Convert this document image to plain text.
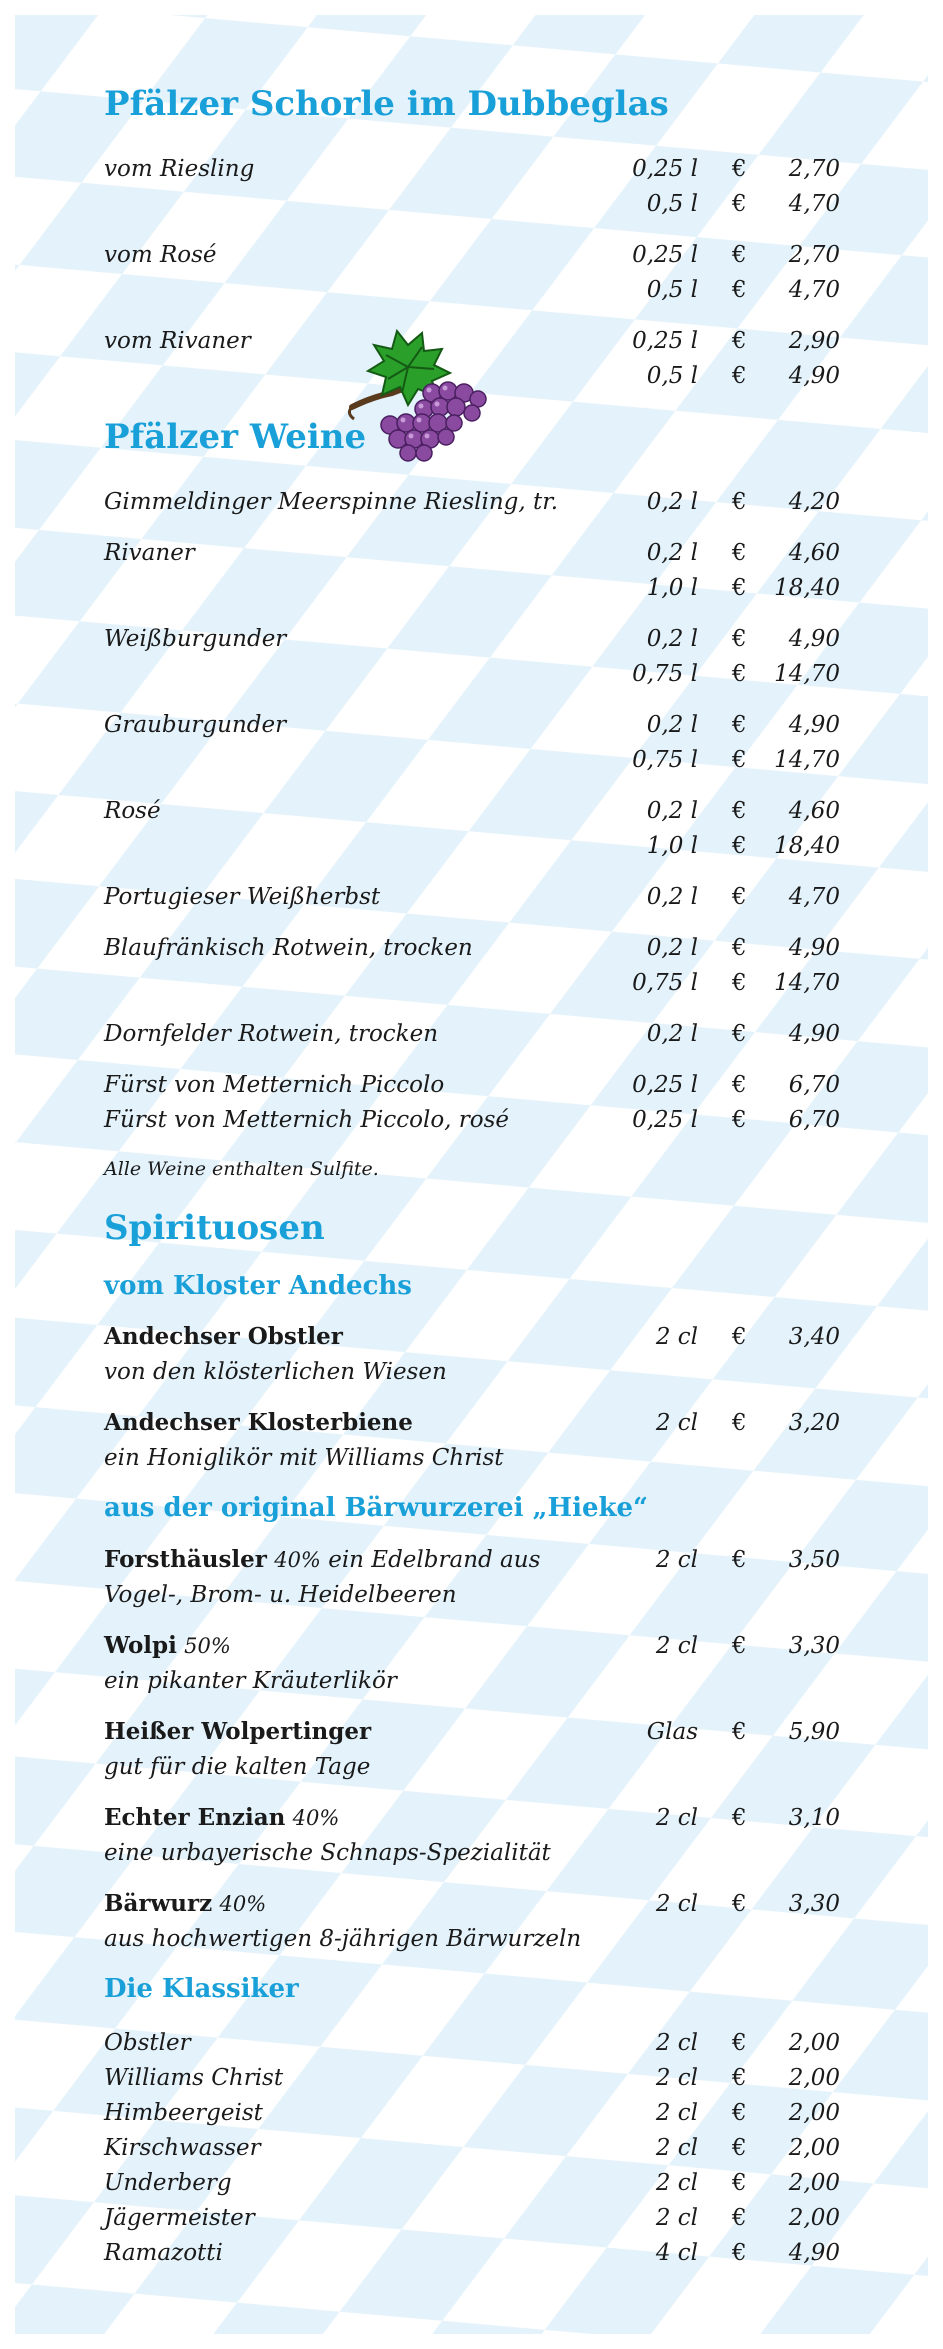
Pfälzer Schorle im Dubbeglas
vom Riesling	0,25 l € 2,70
0,5 l € 4,70
vom Rosé	0,25 l € 2,70
0,5 l € 4,70
vom Rivaner	0,25 l € 2,90
0,5 l € 4,90
Pfälzer Weine
Gimmeldinger Meerspinne Riesling, tr.	0,2 l € 4,20
Rivaner	0,2 l € 4,60
1,0 l € 18,40
Weißburgunder	0,2 l € 4,90
0,75 l € 14,70
Grauburgunder	0,2 l € 4,90
0,75 l € 14,70
Rosé	0,2 l € 4,60
1,0 l € 18,40
Portugieser Weißherbst	0,2 l € 4,70
Blaufränkisch Rotwein, trocken	0,2 l € 4,90
0,75 l € 14,70
Dornfelder Rotwein, trocken	0,2 l € 4,90
Fürst von Metternich Piccolo	0,25 l € 6,70
Fürst von Metternich Piccolo, rosé	0,25 l € 6,70
Alle Weine enthalten Sulfite.
Spirituosen
vom Kloster Andechs
Andechser Obstler	2 cl € 3,40
von den klösterlichen Wiesen
Andechser Klosterbiene	2 cl € 3,20
ein Honiglikör mit Williams Christ
aus der original Bärwurzerei „Hieke“
Forsthäusler 40% ein Edelbrand aus	2 cl € 3,50
Vogel-, Brom- u. Heidelbeeren
Wolpi 50%	2 cl € 3,30
ein pikanter Kräuterlikör
Heißer Wolpertinger	Glas € 5,90
gut für die kalten Tage
Echter Enzian 40%	2 cl € 3,10
eine urbayerische Schnaps-Spezialität
Bärwurz 40%	2 cl € 3,30
aus hochwertigen 8-jährigen Bärwurzeln
Die Klassiker
Obstler	2 cl € 2,00
Williams Christ	2 cl € 2,00
Himbeergeist	2 cl € 2,00
Kirschwasser	2 cl € 2,00
Underberg	2 cl € 2,00
Jägermeister	2 cl € 2,00
Ramazotti	4 cl € 4,90
